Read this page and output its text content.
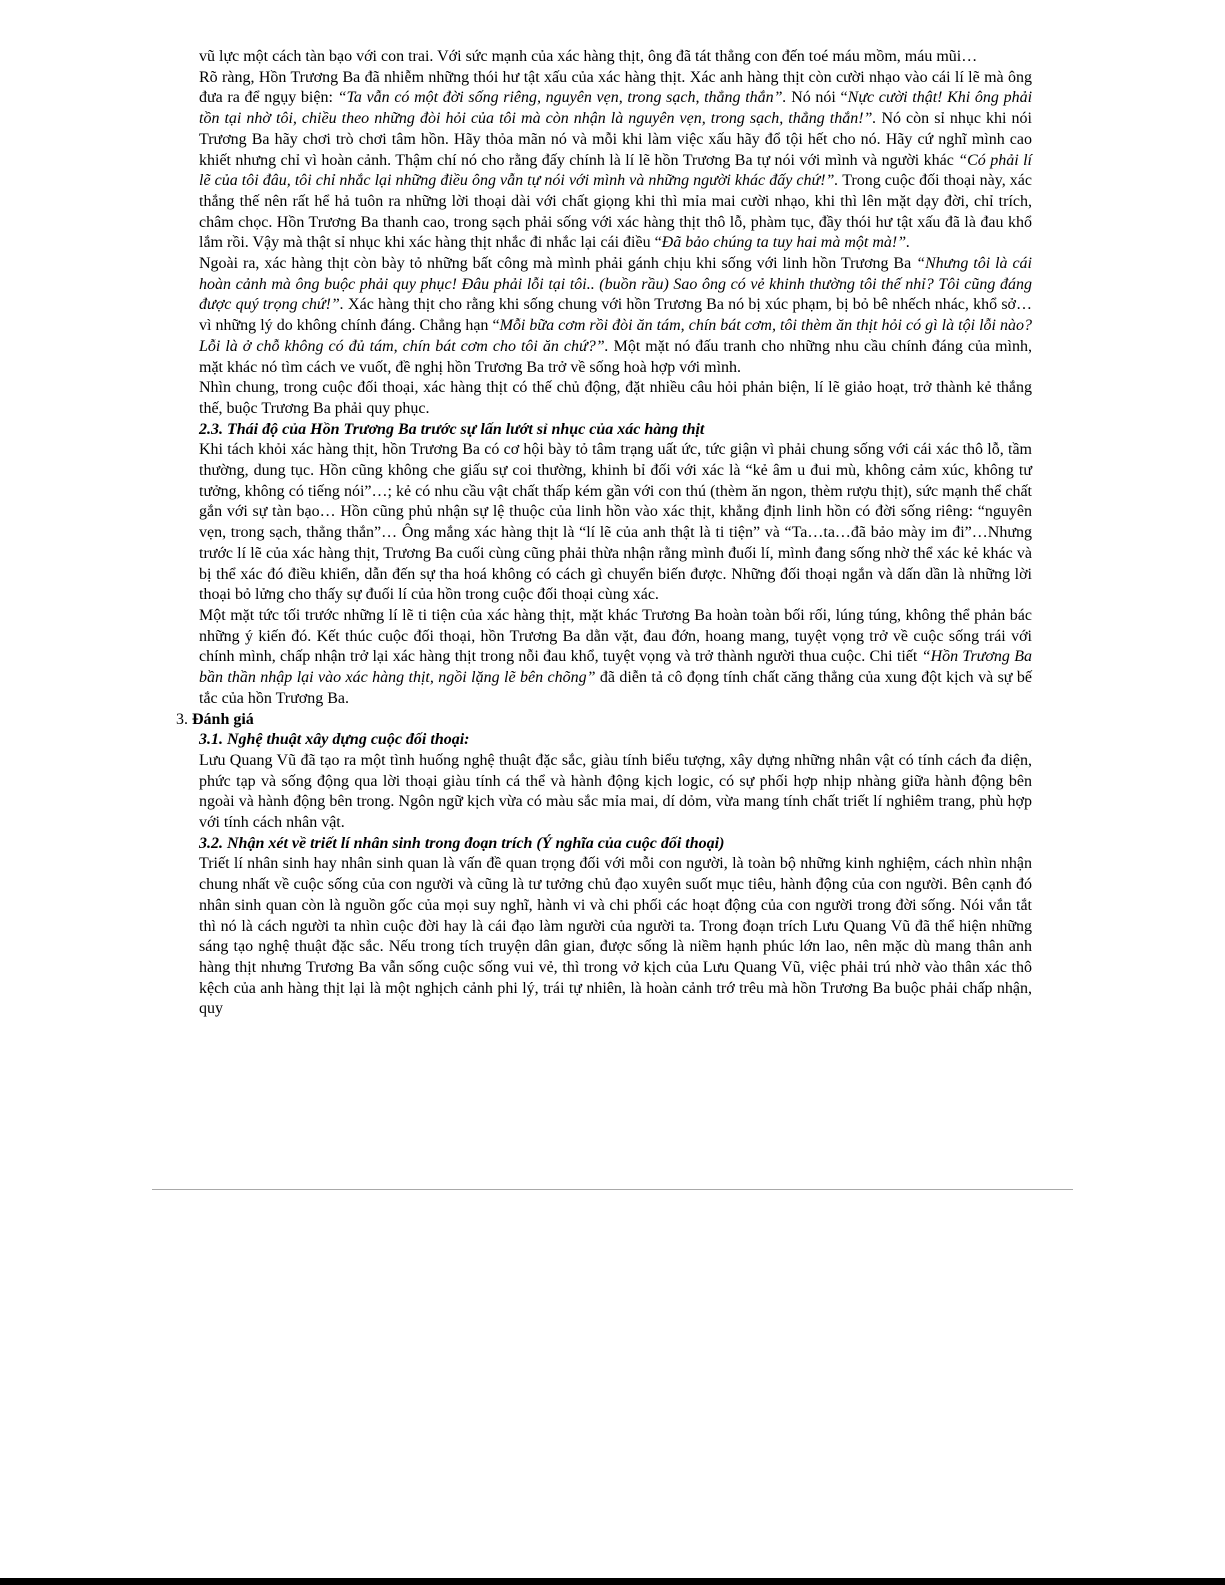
vũ lực một cách tàn bạo với con trai. Với sức mạnh của xác hàng thịt, ông đã tát thẳng con đến toé máu mồm, máu mũi…

Rõ ràng, Hồn Trương Ba đã nhiễm những thói hư tật xấu của xác hàng thịt. Xác anh hàng thịt còn cười nhạo vào cái lí lẽ mà ông đưa ra để ngụy biện: “Ta vẫn có một đời sống riêng, nguyên vẹn, trong sạch, thẳng thắn”. Nó nói “Nực cười thật! Khi ông phải tồn tại nhờ tôi, chiều theo những đòi hỏi của tôi mà còn nhận là nguyên vẹn, trong sạch, thẳng thắn!”. Nó còn sỉ nhục khi nói Trương Ba hãy chơi trò chơi tâm hồn. Hãy thỏa mãn nó và mỗi khi làm việc xấu hãy đổ tội hết cho nó. Hãy cứ nghĩ mình cao khiết nhưng chỉ vì hoàn cảnh. Thậm chí nó cho rằng đấy chính là lí lẽ hồn Trương Ba tự nói với mình và người khác “Có phải lí lẽ của tôi đâu, tôi chỉ nhắc lại những điều ông vẫn tự nói với mình và những người khác đấy chứ!”. Trong cuộc đối thoại này, xác thắng thế nên rất hể hả tuôn ra những lời thoại dài với chất giọng khi thì mỉa mai cười nhạo, khi thì lên mặt dạy đời, chỉ trích, châm chọc. Hồn Trương Ba thanh cao, trong sạch phải sống với xác hàng thịt thô lỗ, phàm tục, đầy thói hư tật xấu đã là đau khổ lắm rồi. Vậy mà thật sỉ nhục khi xác hàng thịt nhắc đi nhắc lại cái điều “Đã bảo chúng ta tuy hai mà một mà!”.

Ngoài ra, xác hàng thịt còn bày tỏ những bất công mà mình phải gánh chịu khi sống với linh hồn Trương Ba “Nhưng tôi là cái hoàn cảnh mà ông buộc phải quy phục! Đâu phải lỗi tại tôi.. (buồn rầu) Sao ông có vẻ khinh thường tôi thế nhỉ? Tôi cũng đáng được quý trọng chứ!”. Xác hàng thịt cho rằng khi sống chung với hồn Trương Ba nó bị xúc phạm, bị bỏ bê nhếch nhác, khổ sở…vì những lý do không chính đáng. Chẳng hạn “Mỗi bữa cơm rồi đòi ăn tám, chín bát cơm, tôi thèm ăn thịt hỏi có gì là tội lỗi nào? Lỗi là ở chỗ không có đủ tám, chín bát cơm cho tôi ăn chứ?”. Một mặt nó đấu tranh cho những nhu cầu chính đáng của mình, mặt khác nó tìm cách ve vuốt, đề nghị hồn Trương Ba trở về sống hoà hợp với mình.

Nhìn chung, trong cuộc đối thoại, xác hàng thịt có thế chủ động, đặt nhiều câu hỏi phản biện, lí lẽ giảo hoạt, trở thành kẻ thắng thế, buộc Trương Ba phải quy phục.

2.3. Thái độ của Hồn Trương Ba trước sự lấn lướt sỉ nhục của xác hàng thịt

Khi tách khỏi xác hàng thịt, hồn Trương Ba có cơ hội bày tỏ tâm trạng uất ức, tức giận vì phải chung sống với cái xác thô lỗ, tầm thường, dung tục. Hồn cũng không che giấu sự coi thường, khinh bỉ đối với xác là “kẻ âm u đui mù, không cảm xúc, không tư tưởng, không có tiếng nói”…; kẻ có nhu cầu vật chất thấp kém gần với con thú (thèm ăn ngon, thèm rượu thịt), sức mạnh thể chất gắn với sự tàn bạo… Hồn cũng phủ nhận sự lệ thuộc của linh hồn vào xác thịt, khẳng định linh hồn có đời sống riêng: “nguyên vẹn, trong sạch, thẳng thắn”… Ông mắng xác hàng thịt là “lí lẽ của anh thật là ti tiện” và “Ta…ta…đã bảo mày im đi”…Nhưng trước lí lẽ của xác hàng thịt, Trương Ba cuối cùng cũng phải thừa nhận rằng mình đuối lí, mình đang sống nhờ thể xác kẻ khác và bị thể xác đó điều khiển, dẫn đến sự tha hoá không có cách gì chuyển biến được. Những đối thoại ngắn và dấn dần là những lời thoại bỏ lửng cho thấy sự đuối lí của hồn trong cuộc đối thoại cùng xác.

Một mặt tức tối trước những lí lẽ ti tiện của xác hàng thịt, mặt khác Trương Ba hoàn toàn bối rối, lúng túng, không thể phản bác những ý kiến đó. Kết thúc cuộc đối thoại, hồn Trương Ba dằn vặt, đau đớn, hoang mang, tuyệt vọng trở về cuộc sống trái với chính mình, chấp nhận trở lại xác hàng thịt trong nỗi đau khổ, tuyệt vọng và trở thành người thua cuộc. Chi tiết “Hồn Trương Ba bần thần nhập lại vào xác hàng thịt, ngồi lặng lẽ bên chõng” đã diễn tả cô đọng tính chất căng thẳng của xung đột kịch và sự bế tắc của hồn Trương Ba.

3. Đánh giá

3.1. Nghệ thuật xây dựng cuộc đối thoại:

Lưu Quang Vũ đã tạo ra một tình huống nghệ thuật đặc sắc, giàu tính biểu tượng, xây dựng những nhân vật có tính cách đa diện, phức tạp và sống động qua lời thoại giàu tính cá thể và hành động kịch logic, có sự phối hợp nhịp nhàng giữa hành động bên ngoài và hành động bên trong. Ngôn ngữ kịch vừa có màu sắc mỉa mai, dí dỏm, vừa mang tính chất triết lí nghiêm trang, phù hợp với tính cách nhân vật.

3.2. Nhận xét về triết lí nhân sinh trong đoạn trích (Ý nghĩa của cuộc đối thoại)

Triết lí nhân sinh hay nhân sinh quan là vấn đề quan trọng đối với mỗi con người, là toàn bộ những kinh nghiệm, cách nhìn nhận chung nhất về cuộc sống của con người và cũng là tư tưởng chủ đạo xuyên suốt mục tiêu, hành động của con người. Bên cạnh đó nhân sinh quan còn là nguồn gốc của mọi suy nghĩ, hành vi và chi phối các hoạt động của con người trong đời sống. Nói vắn tắt thì nó là cách người ta nhìn cuộc đời hay là cái đạo làm người của người ta. Trong đoạn trích Lưu Quang Vũ đã thể hiện những sáng tạo nghệ thuật đặc sắc. Nếu trong tích truyện dân gian, được sống là niềm hạnh phúc lớn lao, nên mặc dù mang thân anh hàng thịt nhưng Trương Ba vẫn sống cuộc sống vui vẻ, thì trong vở kịch của Lưu Quang Vũ, việc phải trú nhờ vào thân xác thô kệch của anh hàng thịt lại là một nghịch cảnh phi lý, trái tự nhiên, là hoàn cảnh trớ trêu mà hồn Trương Ba buộc phải chấp nhận, quy
